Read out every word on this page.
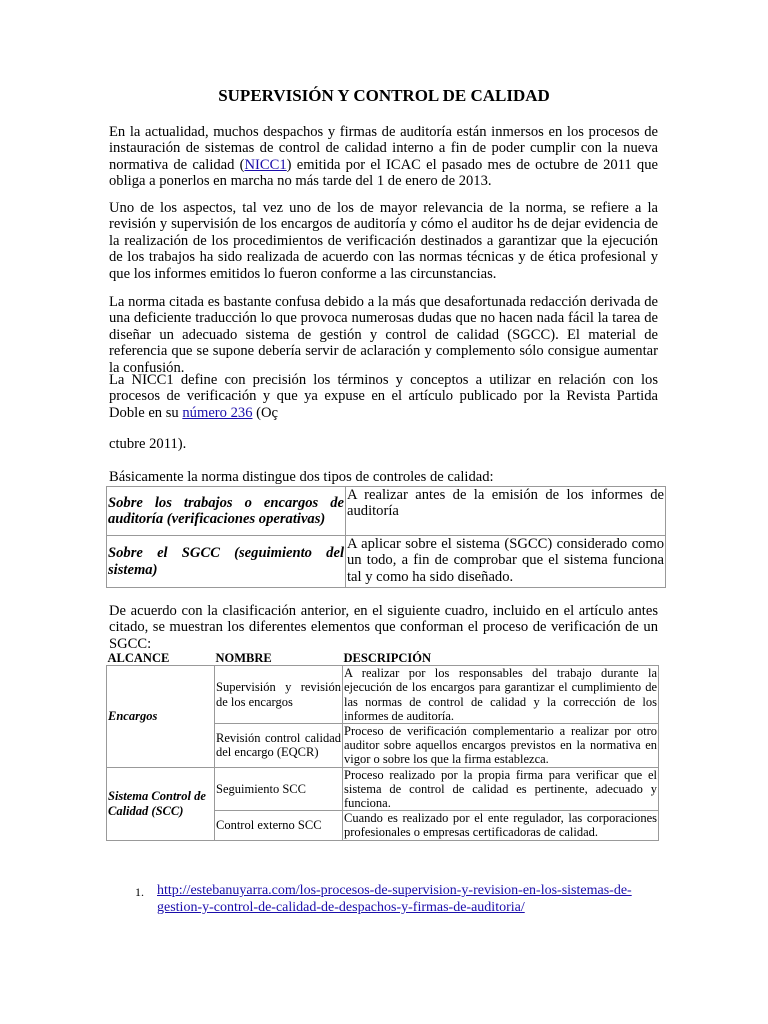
SUPERVISIÓN Y CONTROL DE CALIDAD

En la actualidad, muchos despachos y firmas de auditoría están inmersos en los procesos de instauración de sistemas de control de calidad interno a fin de poder cumplir con la nueva normativa de calidad (NICC1) emitida por el ICAC el pasado mes de octubre de 2011 que obliga a ponerlos en marcha no más tarde del 1 de enero de 2013.

Uno de los aspectos, tal vez uno de los de mayor relevancia de la norma, se refiere a la revisión y supervisión de los encargos de auditoría y cómo el auditor hs de dejar evidencia de la realización de los procedimientos de verificación destinados a garantizar que la ejecución de los trabajos ha sido realizada de acuerdo con las normas técnicas y de ética profesional y que los informes emitidos lo fueron conforme a las circunstancias.

La norma citada es bastante confusa debido a la más que desafortunada redacción derivada de una deficiente traducción lo que provoca numerosas dudas que no hacen nada fácil la tarea de diseñar un adecuado sistema de gestión y control de calidad (SGCC). El material de referencia que se supone debería servir de aclaración y complemento sólo consigue aumentar la confusión.

La NICC1 define con precisión los términos y conceptos a utilizar en relación con los procesos de verificación y que ya expuse en el artículo publicado por la Revista Partida Doble en su número 236 (Oç

ctubre 2011).

Básicamente la norma distingue dos tipos de controles de calidad:

Sobre los trabajos o encargos de auditoría (verificaciones operativas)	A realizar antes de la emisión de los informes de auditoría
Sobre el SGCC (seguimiento del sistema)	A aplicar sobre el sistema (SGCC) considerado como un todo, a fin de comprobar que el sistema funciona tal y como ha sido diseñado.

De acuerdo con la clasificación anterior, en el siguiente cuadro, incluido en el artículo antes citado, se muestran los diferentes elementos que conforman el proceso de verificación de un SGCC:

ALCANCE	NOMBRE	DESCRIPCIÓN
Encargos	Supervisión y revisión de los encargos	A realizar por los responsables del trabajo durante la ejecución de los encargos para garantizar el cumplimiento de las normas de control de calidad y la corrección de los informes de auditoría.
	Revisión control calidad del encargo (EQCR)	Proceso de verificación complementario a realizar por otro auditor sobre aquellos encargos previstos en la normativa en vigor o sobre los que la firma establezca.
Sistema Control de Calidad (SCC)	Seguimiento SCC	Proceso realizado por la propia firma para verificar que el sistema de control de calidad es pertinente, adecuado y funciona.
	Control externo SCC	Cuando es realizado por el ente regulador, las corporaciones profesionales o empresas certificadoras de calidad.
1. http://estebanuyarra.com/los-procesos-de-supervision-y-revision-en-los-sistemas-de-gestion-y-control-de-calidad-de-despachos-y-firmas-de-auditoria/
